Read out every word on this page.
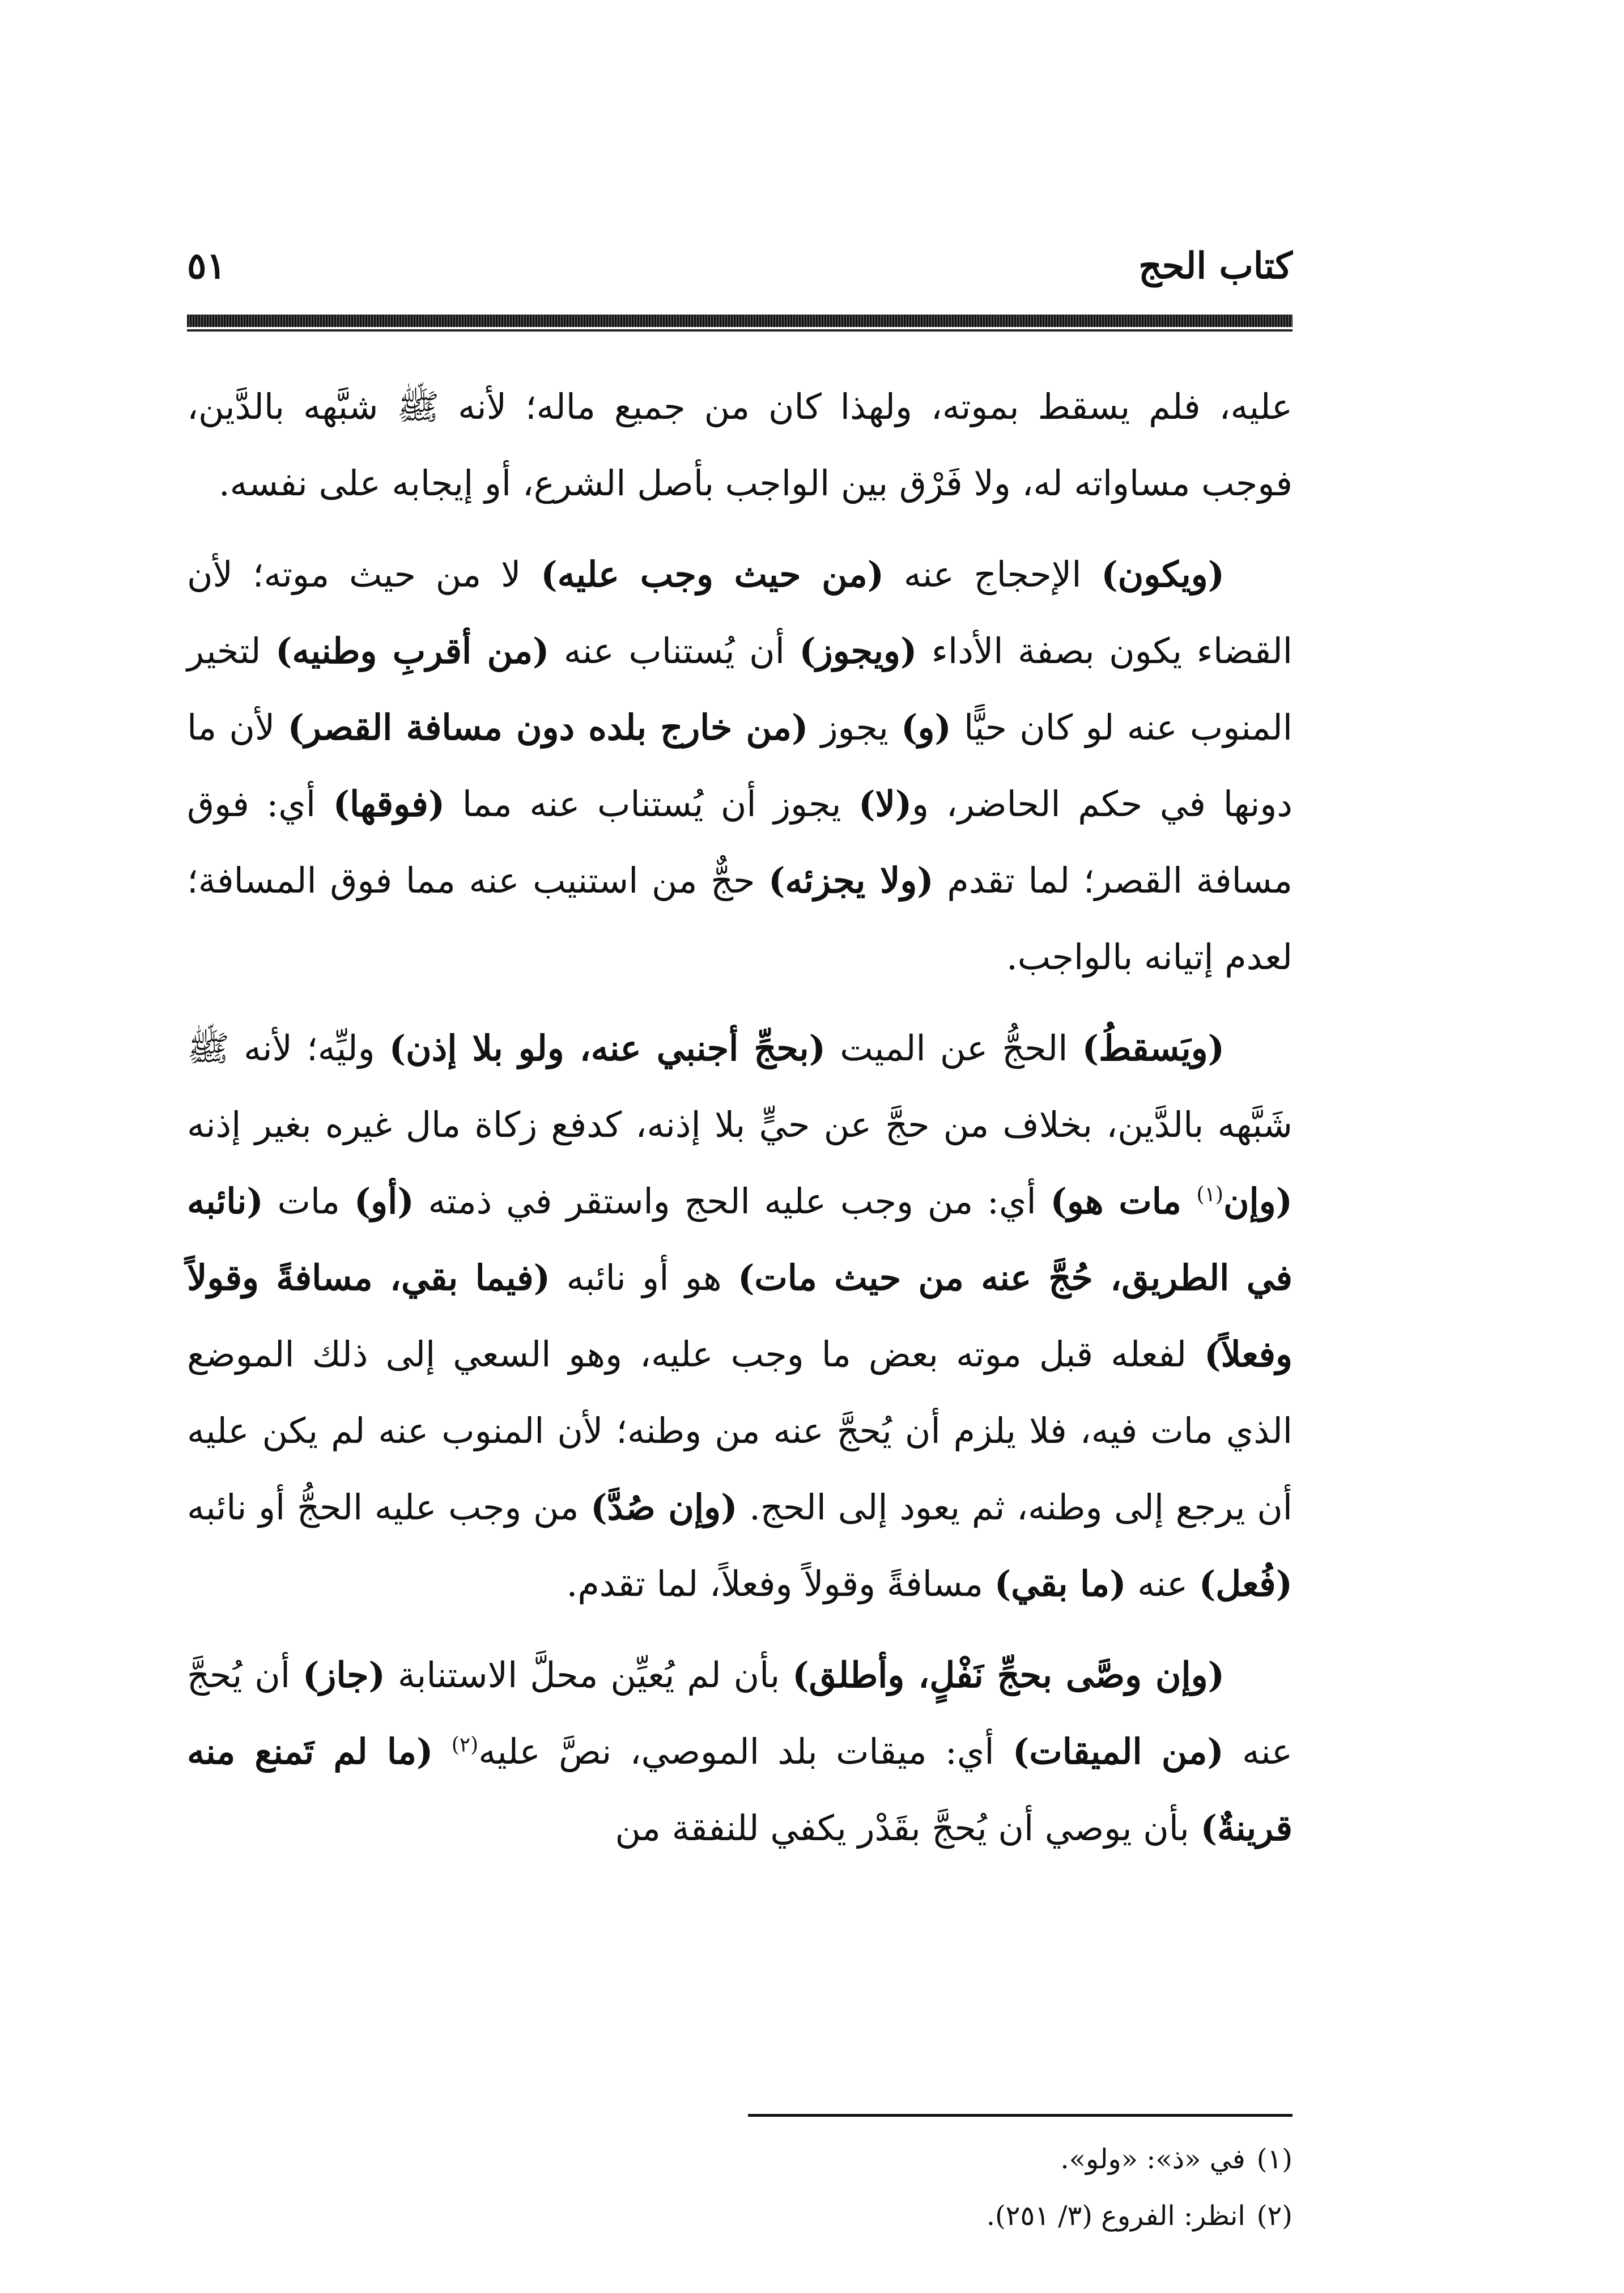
كتاب الحج
٥١

عليه، فلم يسقط بموته، ولهذا كان من جميع ماله؛ لأنه ﷺ شبَّهه بالدَّين، فوجب مساواته له، ولا فَرْق بين الواجب بأصل الشرع، أو إيجابه على نفسه.

(ويكون) الإحجاج عنه (من حيث وجب عليه) لا من حيث موته؛ لأن القضاء يكون بصفة الأداء (ويجوز) أن يُستناب عنه (من أقربِ وطنيه) لتخير المنوب عنه لو كان حيًّا (و) يجوز (من خارج بلده دون مسافة القصر) لأن ما دونها في حكم الحاضر، و(لا) يجوز أن يُستناب عنه مما (فوقها) أي: فوق مسافة القصر؛ لما تقدم (ولا يجزئه) حجٌّ من استنيب عنه مما فوق المسافة؛ لعدم إتيانه بالواجب.

(ويَسقطُ) الحجُّ عن الميت (بحجِّ أجنبي عنه، ولو بلا إذن) وليِّه؛ لأنه ﷺ شَبَّهه بالدَّين، بخلاف من حجَّ عن حيٍّ بلا إذنه، كدفع زكاة مال غيره بغير إذنه (وإن$^{(١)}$ مات هو) أي: من وجب عليه الحج واستقر في ذمته (أو) مات (نائبه في الطريق، حُجَّ عنه من حيث مات) هو أو نائبه (فيما بقي، مسافةً وقولاً وفعلاً) لفعله قبل موته بعض ما وجب عليه، وهو السعي إلى ذلك الموضع الذي مات فيه، فلا يلزم أن يُحجَّ عنه من وطنه؛ لأن المنوب عنه لم يكن عليه أن يرجع إلى وطنه، ثم يعود إلى الحج. (وإن صُدَّ) من وجب عليه الحجُّ أو نائبه (فُعل) عنه (ما بقي) مسافةً وقولاً وفعلاً، لما تقدم.

(وإن وصَّى بحجِّ نَفْلٍ، وأطلق) بأن لم يُعيِّن محلَّ الاستنابة (جاز) أن يُحجَّ عنه (من الميقات) أي: ميقات بلد الموصي، نصَّ عليه$^{(٢)}$ (ما لم تَمنع منه قرينةٌ) بأن يوصي أن يُحجَّ بقَدْر يكفي للنفقة من

(١)في «ذ»: «ولو».

(٢)انظر: الفروع (٣/ ٢٥١).
